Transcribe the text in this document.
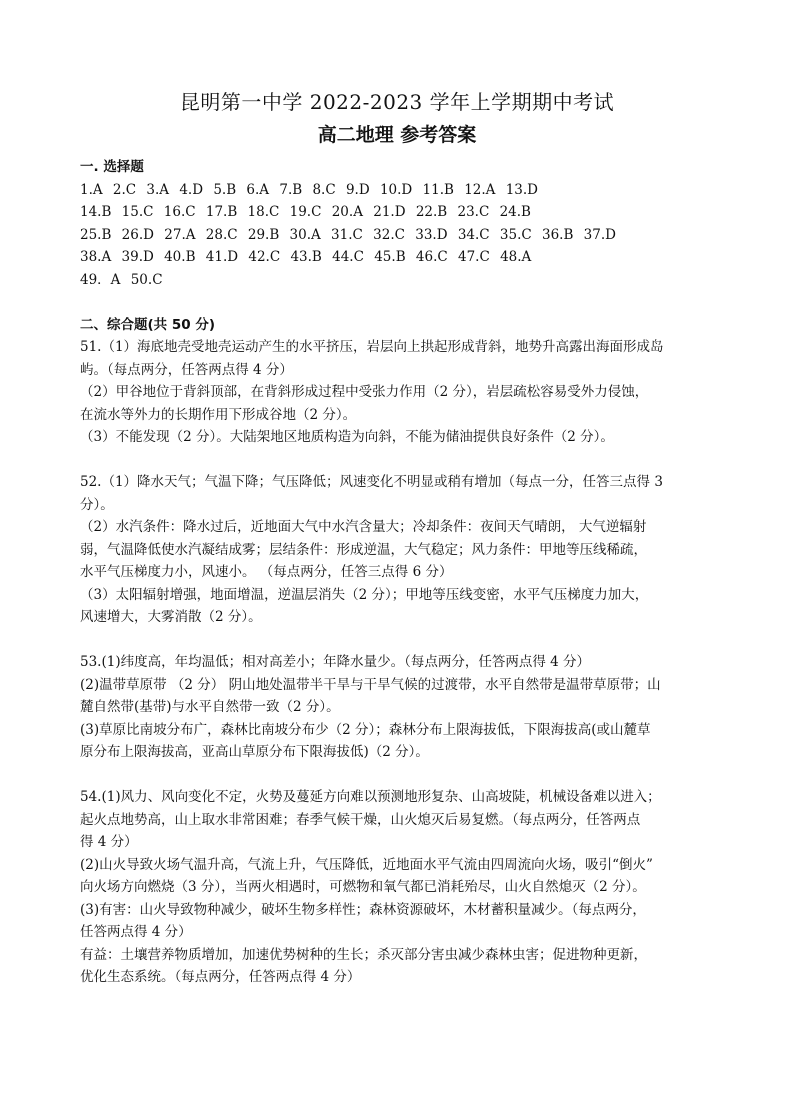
昆明第一中学 2022-2023 学年上学期期中考试
高二地理 参考答案
一. 选择题
1.A 2.C 3.A 4.D 5.B 6.A 7.B 8.C 9.D 10.D 11.B 12.A 13.D
14.B 15.C 16.C 17.B 18.C 19.C 20.A 21.D 22.B 23.C 24.B
25.B 26.D 27.A 28.C 29.B 30.A 31.C 32.C 33.D 34.C 35.C 36.B 37.D
38.A 39.D 40.B 41.D 42.C 43.B 44.C 45.B 46.C 47.C 48.A
49．A 50.C
二、综合题(共 50 分)
51.（1）海底地壳受地壳运动产生的水平挤压，岩层向上拱起形成背斜，地势升高露出海面形成岛
屿。（每点两分，任答两点得 4 分）
（2）甲谷地位于背斜顶部，在背斜形成过程中受张力作用（2 分），岩层疏松容易受外力侵蚀，
在流水等外力的长期作用下形成谷地（2 分）。
（3）不能发现（2 分）。大陆架地区地质构造为向斜，不能为储油提供良好条件（2 分）。
52.（1）降水天气；气温下降；气压降低；风速变化不明显或稍有增加（每点一分，任答三点得 3
分）。
（2）水汽条件：降水过后，近地面大气中水汽含量大；冷却条件：夜间天气晴朗， 大气逆辐射
弱，气温降低使水汽凝结成雾；层结条件：形成逆温，大气稳定；风力条件：甲地等压线稀疏，
水平气压梯度力小，风速小。 （每点两分，任答三点得 6 分）
（3）太阳辐射增强，地面增温，逆温层消失（2 分）；甲地等压线变密，水平气压梯度力加大，
风速增大，大雾消散（2 分）。
53.(1)纬度高，年均温低；相对高差小；年降水量少。（每点两分，任答两点得 4 分）
(2)温带草原带 （2 分） 阴山地处温带半干旱与干旱气候的过渡带，水平自然带是温带草原带；山
麓自然带(基带)与水平自然带一致（2 分）。
(3)草原比南坡分布广，森林比南坡分布少（2 分）；森林分布上限海拔低，下限海拔高(或山麓草
原分布上限海拔高，亚高山草原分布下限海拔低)（2 分）。
54.(1)风力、风向变化不定，火势及蔓延方向难以预测地形复杂、山高坡陡，机械设备难以进入；
起火点地势高，山上取水非常困难；春季气候干燥，山火熄灭后易复燃。（每点两分，任答两点
得 4 分）
(2)山火导致火场气温升高，气流上升，气压降低，近地面水平气流由四周流向火场，吸引“倒火”
向火场方向燃烧（3 分），当两火相遇时，可燃物和氧气都已消耗殆尽，山火自然熄灭（2 分）。
(3)有害：山火导致物种减少，破坏生物多样性；森林资源破坏，木材蓄积量减少。（每点两分，
任答两点得 4 分）
有益：土壤营养物质增加，加速优势树种的生长；杀灭部分害虫减少森林虫害；促进物种更新，
优化生态系统。（每点两分，任答两点得 4 分）
